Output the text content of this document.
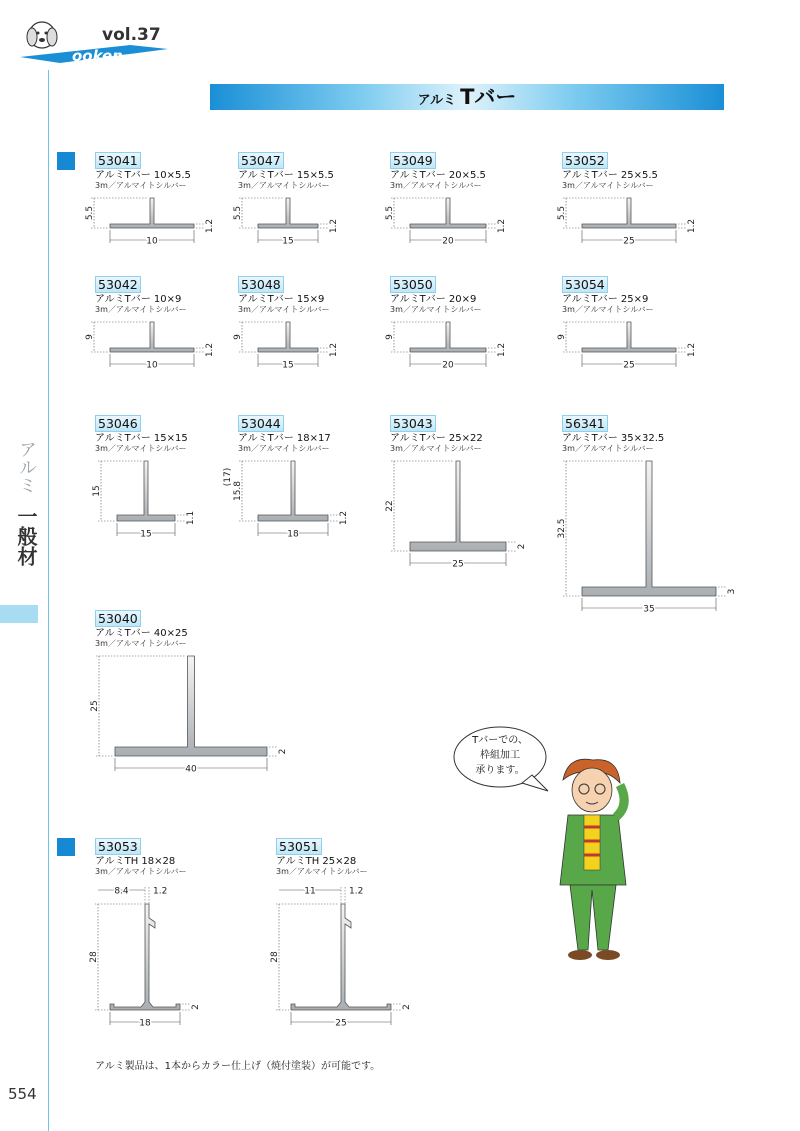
ooken
vol.37
アルミ Tバー
アルミ
一般材
554
53041
アルミTバー 10×5.5
3m／アルマイトシルバー
10
5.5
1.2
53047
アルミTバー 15×5.5
3m／アルマイトシルバー
15
5.5
1.2
53049
アルミTバー 20×5.5
3m／アルマイトシルバー
20
5.5
1.2
53052
アルミTバー 25×5.5
3m／アルマイトシルバー
25
5.5
1.2
53042
アルミTバー 10×9
3m／アルマイトシルバー
10
9
1.2
53048
アルミTバー 15×9
3m／アルマイトシルバー
15
9
1.2
53050
アルミTバー 20×9
3m／アルマイトシルバー
20
9
1.2
53054
アルミTバー 25×9
3m／アルマイトシルバー
25
9
1.2
53046
アルミTバー 15×15
3m／アルマイトシルバー
15
15
1.1
53044
アルミTバー 18×17
3m／アルマイトシルバー
18
15.8
(17)
1.2
53043
アルミTバー 25×22
3m／アルマイトシルバー
25
22
2
56341
アルミTバー 35×32.5
3m／アルマイトシルバー
35
32.5
3
53040
アルミTバー 40×25
3m／アルマイトシルバー
40
25
2
53053
アルミTH 18×28
3m／アルマイトシルバー
18
28
2
8.4	1.2
53051
アルミTH 25×28
3m／アルマイトシルバー
25
28
2
11	1.2
アルミ製品は、1本からカラー仕上げ（焼付塗装）が可能です。
Tバーでの、
枠組加工
承ります。
